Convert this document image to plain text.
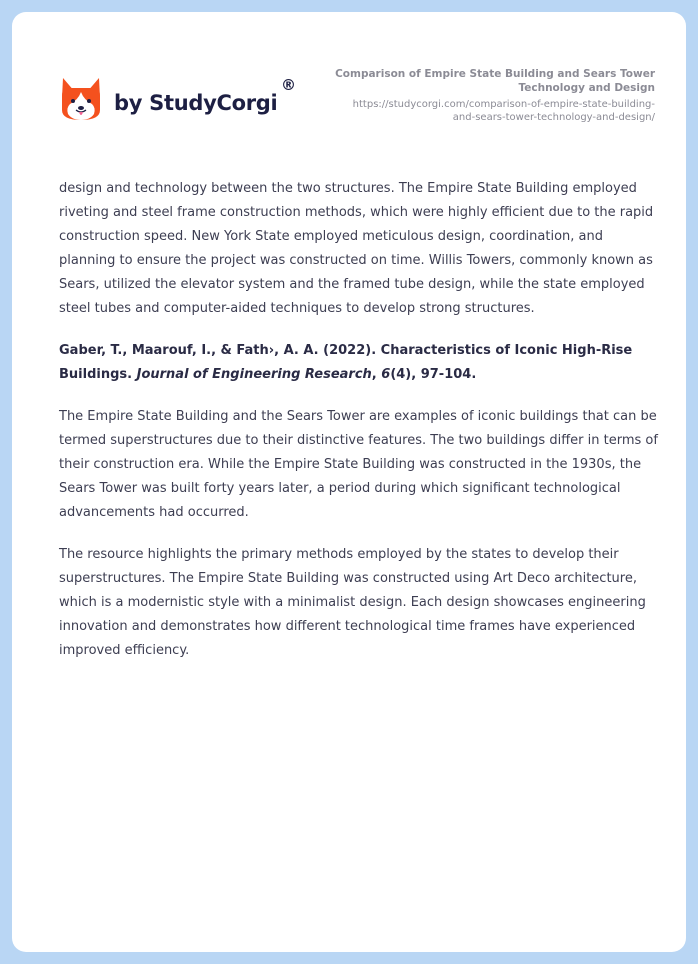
by StudyCorgi
®
Comparison of Empire State Building and Sears Tower
Technology and Design
https://studycorgi.com/comparison-of-empire-state-building-
and-sears-tower-technology-and-design/

design and technology between the two structures. The Empire State Building employed riveting and steel frame construction methods, which were highly efficient due to the rapid construction speed. New York State employed meticulous design, coordination, and planning to ensure the project was constructed on time. Willis Towers, commonly known as Sears, utilized the elevator system and the framed tube design, while the state employed steel tubes and computer-aided techniques to develop strong structures.

Gaber, T., Maarouf, I., & Fath›, A. A. (2022). Characteristics of Iconic High-Rise Buildings. Journal of Engineering Research, 6(4), 97-104.

The Empire State Building and the Sears Tower are examples of iconic buildings that can be termed superstructures due to their distinctive features. The two buildings differ in terms of their construction era. While the Empire State Building was constructed in the 1930s, the Sears Tower was built forty years later, a period during which significant technological advancements had occurred.

The resource highlights the primary methods employed by the states to develop their superstructures. The Empire State Building was constructed using Art Deco architecture, which is a modernistic style with a minimalist design. Each design showcases engineering innovation and demonstrates how different technological time frames have experienced improved efficiency.
